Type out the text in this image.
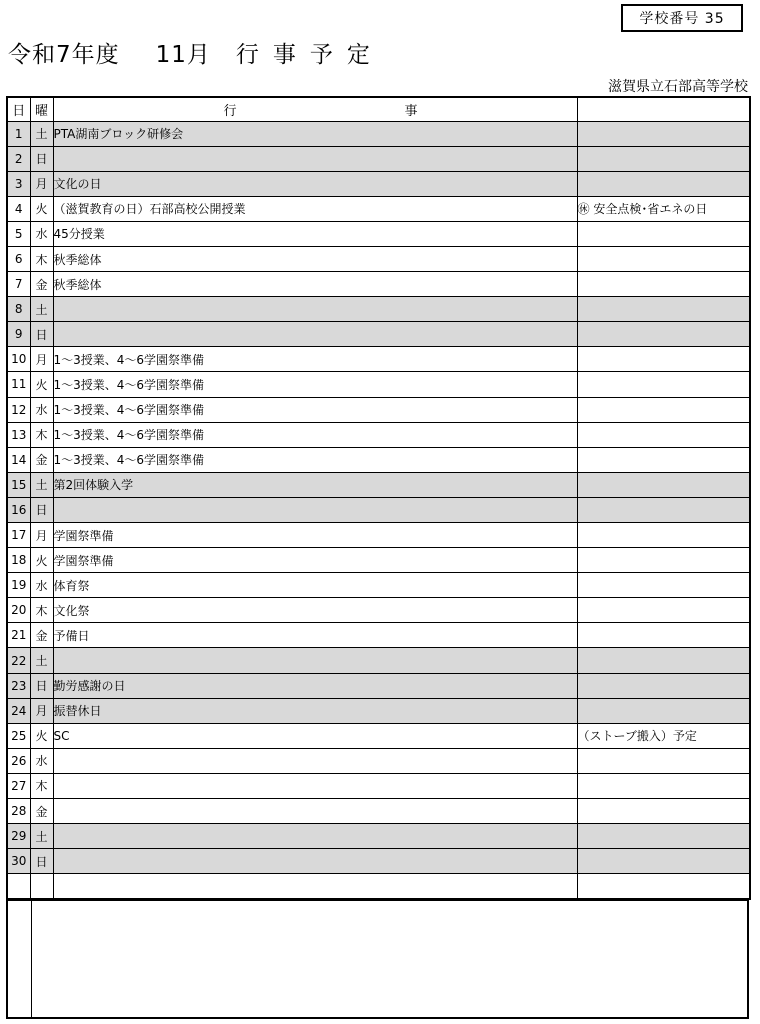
学校番号 35
令和7年度 11月 行事予定
滋賀県立石部高等学校
日	曜	行 事	

1	土	PTA湖南ブロック研修会	
2	日		
3	月	文化の日	
4	火	（滋賀教育の日）石部高校公開授業	㊡ 安全点検･省エネの日
5	水	45分授業	
6	木	秋季総体	
7	金	秋季総体	
8	土		
9	日		
10	月	1～3授業、4～6学園祭準備	
11	火	1～3授業、4～6学園祭準備	
12	水	1～3授業、4～6学園祭準備	
13	木	1～3授業、4～6学園祭準備	
14	金	1～3授業、4～6学園祭準備	
15	土	第2回体験入学	
16	日		
17	月	学園祭準備	
18	火	学園祭準備	
19	水	体育祭	
20	木	文化祭	
21	金	予備日	
22	土		
23	日	勤労感謝の日	
24	月	振替休日	
25	火	SC	（ストーブ搬入）予定
26	水		
27	木		
28	金		
29	土		
30	日		
